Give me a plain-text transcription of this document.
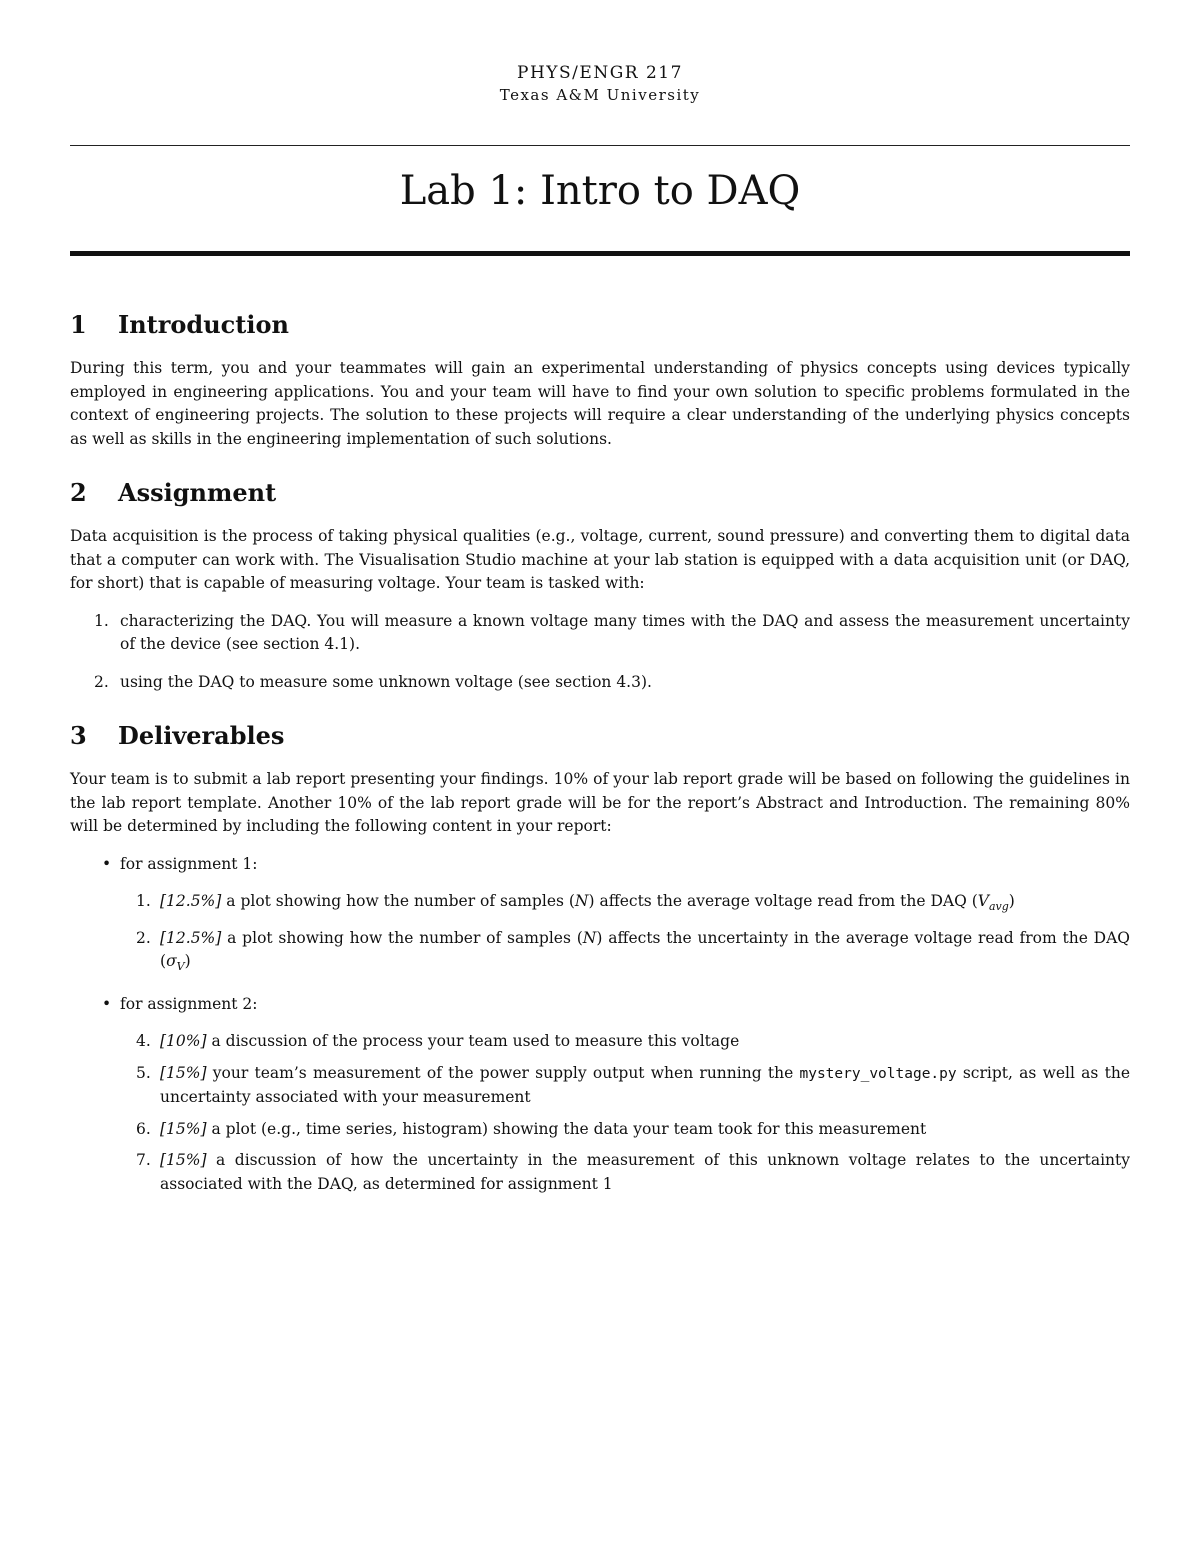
PHYS/ENGR 217
Texas A&M University
Lab 1: Intro to DAQ
1 Introduction

During this term, you and your teammates will gain an experimental understanding of physics concepts using devices typically employed in engineering applications. You and your team will have to find your own solution to specific problems formulated in the context of engineering projects. The solution to these projects will require a clear understanding of the underlying physics concepts as well as skills in the engineering implementation of such solutions.

2 Assignment

Data acquisition is the process of taking physical qualities (e.g., voltage, current, sound pressure) and converting them to digital data that a computer can work with. The Visualisation Studio machine at your lab station is equipped with a data acquisition unit (or DAQ, for short) that is capable of measuring voltage. Your team is tasked with:

1. characterizing the DAQ. You will measure a known voltage many times with the DAQ and assess the measurement uncertainty of the device (see section 4.1).
2. using the DAQ to measure some unknown voltage (see section 4.3).
3 Deliverables

Your team is to submit a lab report presenting your findings. 10% of your lab report grade will be based on following the guidelines in the lab report template. Another 10% of the lab report grade will be for the report’s Abstract and Introduction. The remaining 80% will be determined by including the following content in your report:

• for assignment 1:
1. [12.5%] a plot showing how the number of samples (N) affects the average voltage read from the DAQ $(V_{avg})$
2. [12.5%] a plot showing how the number of samples (N) affects the uncertainty in the average voltage read from the DAQ $(\sigma_V)$
• for assignment 2:
4. [10%] a discussion of the process your team used to measure this voltage
5. [15%] your team’s measurement of the power supply output when running the mystery_voltage.py script, as well as the uncertainty associated with your measurement
6. [15%] a plot (e.g., time series, histogram) showing the data your team took for this measurement
7. [15%] a discussion of how the uncertainty in the measurement of this unknown voltage relates to the uncertainty associated with the DAQ, as determined for assignment 1
